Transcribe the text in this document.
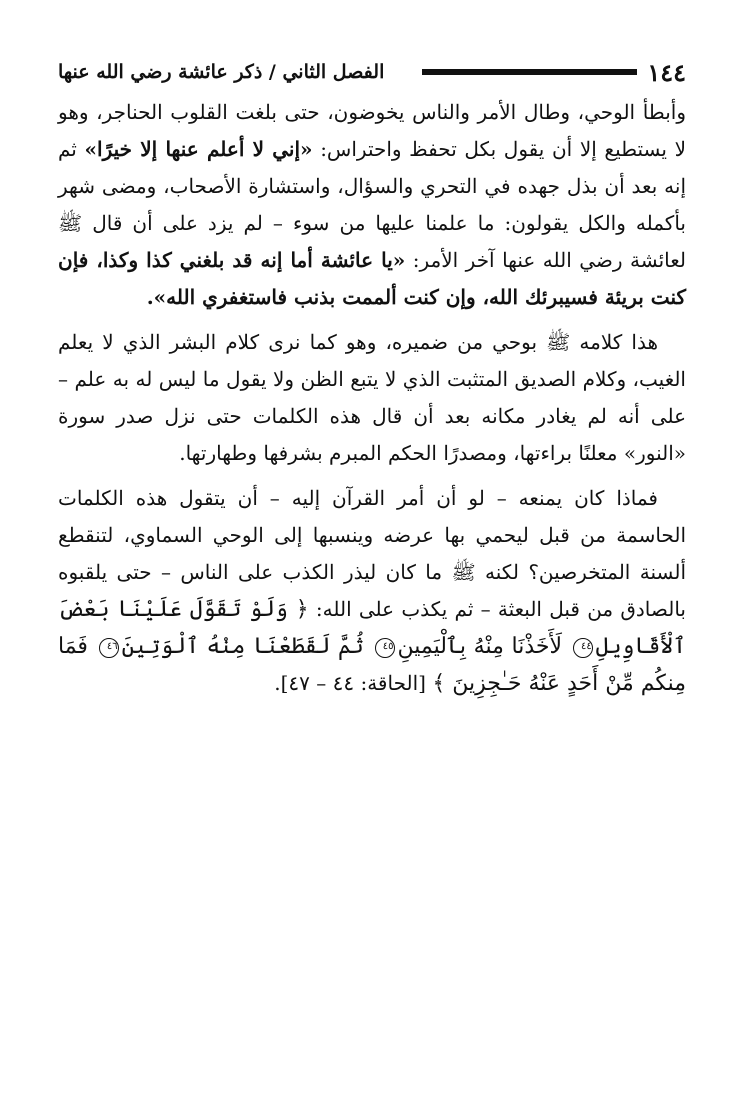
١٤٤
الفصل الثاني / ذكر عائشة رضي الله عنها

وأبطأ الوحي، وطال الأمر والناس يخوضون، حتى بلغت القلوب الحناجر، وهو لا يستطيع إلا أن يقول بكل تحفظ واحتراس: «إني لا أعلم عنها إلا خيرًا» ثم إنه بعد أن بذل جهده في التحري والسؤال، واستشارة الأصحاب، ومضى شهر بأكمله والكل يقولون: ما علمنا عليها من سوء – لم يزد على أن قال ﷺ لعائشة رضي الله عنها آخر الأمر: «يا عائشة أما إنه قد بلغني كذا وكذا، فإن كنت بريئة فسيبرئك الله، وإن كنت ألممت بذنب فاستغفري الله».

هذا كلامه ﷺ بوحي من ضميره، وهو كما نرى كلام البشر الذي لا يعلم الغيب، وكلام الصديق المتثبت الذي لا يتبع الظن ولا يقول ما ليس له به علم – على أنه لم يغادر مكانه بعد أن قال هذه الكلمات حتى نزل صدر سورة «النور» معلنًا براءتها، ومصدرًا الحكم المبرم بشرفها وطهارتها.

فماذا كان يمنعه – لو أن أمر القرآن إليه – أن يتقول هذه الكلمات الحاسمة من قبل ليحمي بها عرضه وينسبها إلى الوحي السماوي، لتنقطع ألسنة المتخرصين؟ لكنه ﷺ ما كان ليذر الكذب على الناس – حتى يلقبوه بالصادق من قبل البعثة – ثم يكذب على الله: ﴿ وَلَوْ تَقَوَّلَ عَلَيْنَا بَعْضَ ٱلْأَقَاوِيلِ٤٤ لَأَخَذْنَا مِنْهُ بِٱلْيَمِينِ٤٥ ثُمَّ لَقَطَعْنَا مِنْهُ ٱلْوَتِينَ٤٦ فَمَا مِنكُم مِّنْ أَحَدٍ عَنْهُ حَـٰجِزِينَ ﴾ [الحاقة: ٤٤ – ٤٧].
